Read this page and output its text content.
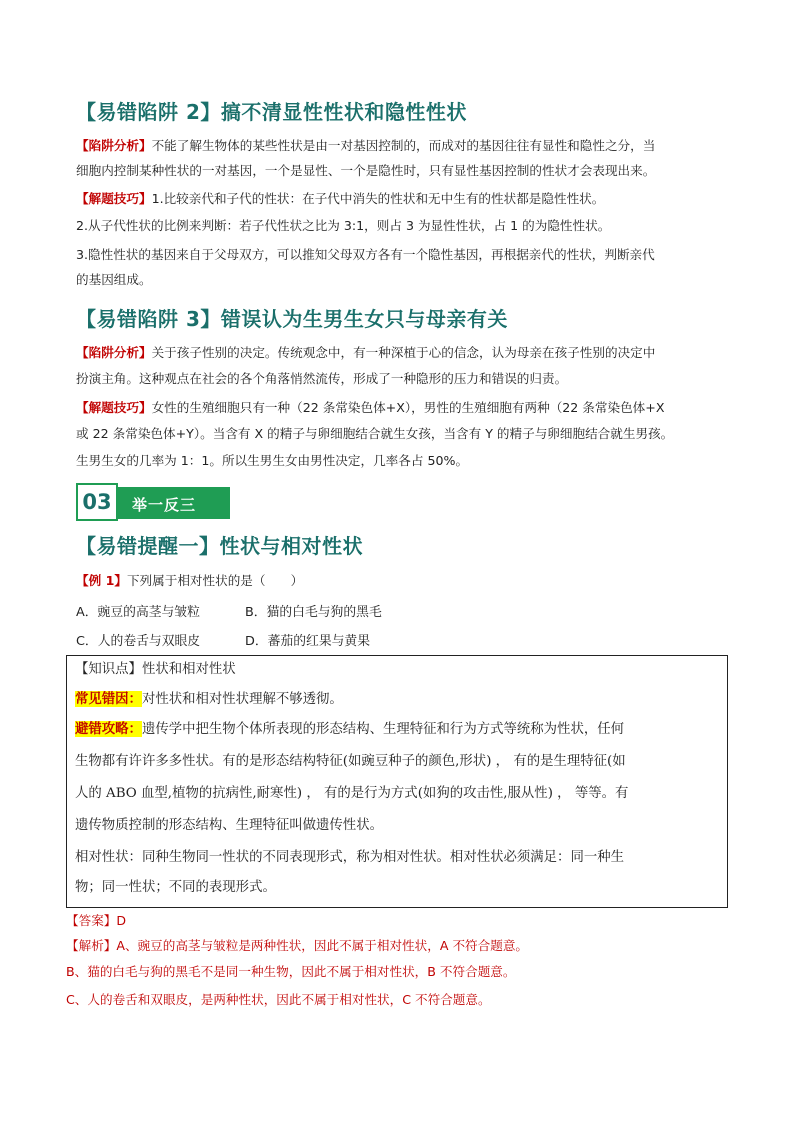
【易错陷阱 2】搞不清显性性状和隐性性状
【陷阱分析】不能了解生物体的某些性状是由一对基因控制的，而成对的基因往往有显性和隐性之分，当
细胞内控制某种性状的一对基因，一个是显性、一个是隐性时，只有显性基因控制的性状才会表现出来。
【解题技巧】1.比较亲代和子代的性状：在子代中消失的性状和无中生有的性状都是隐性性状。
2.从子代性状的比例来判断：若子代性状之比为 3:1，则占 3 为显性性状，占 1 的为隐性性状。
3.隐性性状的基因来自于父母双方，可以推知父母双方各有一个隐性基因，再根据亲代的性状，判断亲代
的基因组成。
【易错陷阱 3】错误认为生男生女只与母亲有关
【陷阱分析】关于孩子性别的决定。传统观念中，有一种深植于心的信念，认为母亲在孩子性别的决定中
扮演主角。这种观点在社会的各个角落悄然流传，形成了一种隐形的压力和错误的归责。
【解题技巧】女性的生殖细胞只有一种（22 条常染色体+X），男性的生殖细胞有两种（22 条常染色体+X
或 22 条常染色体+Y）。当含有 X 的精子与卵细胞结合就生女孩，当含有 Y 的精子与卵细胞结合就生男孩。
生男生女的几率为 1：1。所以生男生女由男性决定，几率各占 50%。
03	举一反三
【易错提醒一】性状与相对性状
【例 1】下列属于相对性状的是（　　）
A．豌豆的高茎与皱粒	B．猫的白毛与狗的黑毛
C．人的卷舌与双眼皮	D．蕃茄的红果与黄果
【知识点】性状和相对性状
常见错因：对性状和相对性状理解不够透彻。
避错攻略：遗传学中把生物个体所表现的形态结构、生理特征和行为方式等统称为性状，任何
生物都有许许多多性状。有的是形态结构特征(如豌豆种子的颜色,形状) ， 有的是生理特征(如
人的 ABO 血型,植物的抗病性,耐寒性) ， 有的是行为方式(如狗的攻击性,服从性) ， 等等。有
遗传物质控制的形态结构、生理特征叫做遗传性状。
相对性状：同种生物同一性状的不同表现形式，称为相对性状。相对性状必须满足：同一种生
物；同一性状；不同的表现形式。
【答案】D
【解析】A、豌豆的高茎与皱粒是两种性状，因此不属于相对性状，A 不符合题意。
B、猫的白毛与狗的黑毛不是同一种生物，因此不属于相对性状，B 不符合题意。
C、人的卷舌和双眼皮，是两种性状，因此不属于相对性状，C 不符合题意。
